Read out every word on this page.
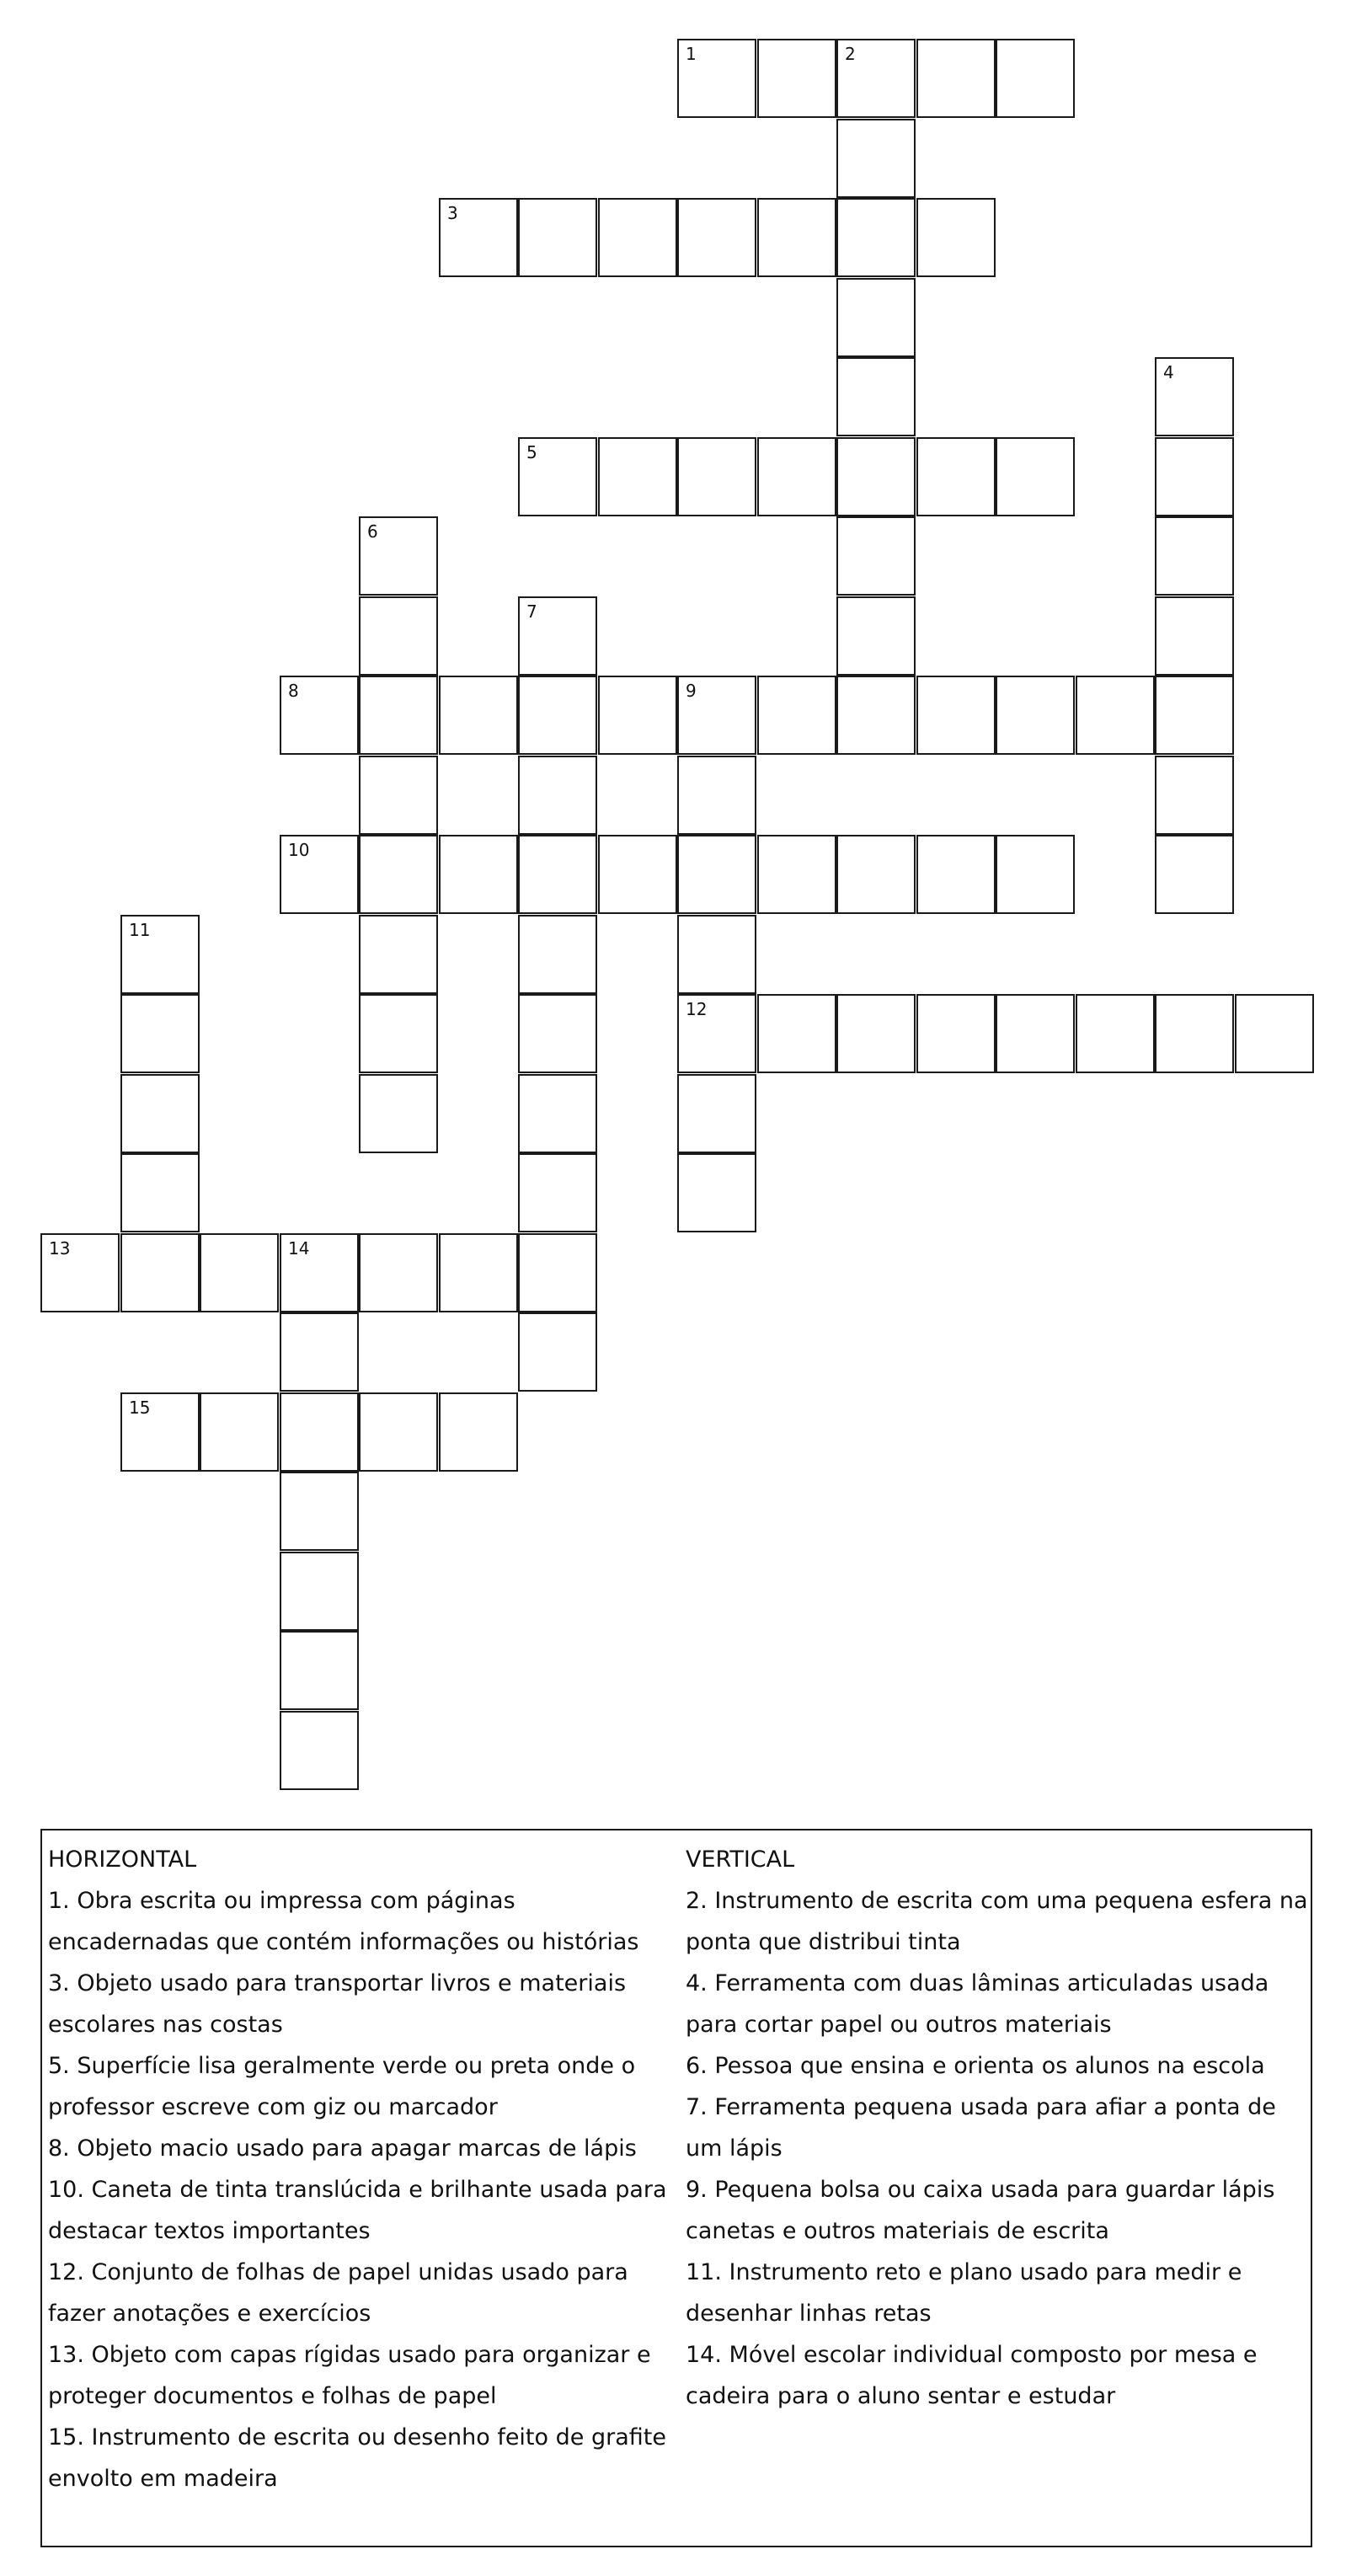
1	2
3
4
5
6
7
8	9
10
11
12
13	14
15

HORIZONTAL

1. Obra escrita ou impressa com páginas

encadernadas que contém informações ou histórias

3. Objeto usado para transportar livros e materiais

escolares nas costas

5. Superfície lisa geralmente verde ou preta onde o

professor escreve com giz ou marcador

8. Objeto macio usado para apagar marcas de lápis

10. Caneta de tinta translúcida e brilhante usada para

destacar textos importantes

12. Conjunto de folhas de papel unidas usado para

fazer anotações e exercícios

13. Objeto com capas rígidas usado para organizar e

proteger documentos e folhas de papel

15. Instrumento de escrita ou desenho feito de grafite

envolto em madeira

VERTICAL

2. Instrumento de escrita com uma pequena esfera na

ponta que distribui tinta

4. Ferramenta com duas lâminas articuladas usada

para cortar papel ou outros materiais

6. Pessoa que ensina e orienta os alunos na escola

7. Ferramenta pequena usada para afiar a ponta de

um lápis

9. Pequena bolsa ou caixa usada para guardar lápis

canetas e outros materiais de escrita

11. Instrumento reto e plano usado para medir e

desenhar linhas retas

14. Móvel escolar individual composto por mesa e

cadeira para o aluno sentar e estudar
